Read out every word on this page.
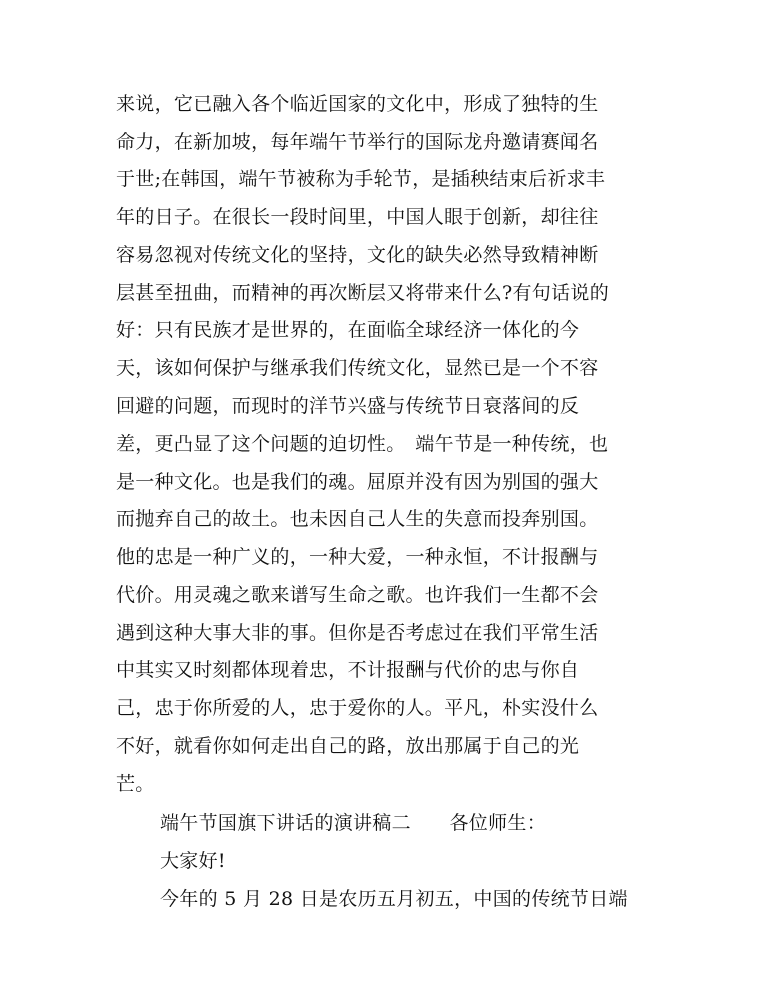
来说，它已融入各个临近国家的文化中，形成了独特的生

命力，在新加坡，每年端午节举行的国际龙舟邀请赛闻名

于世;在韩国，端午节被称为手轮节，是插秧结束后祈求丰

年的日子。在很长一段时间里，中国人眼于创新，却往往

容易忽视对传统文化的坚持，文化的缺失必然导致精神断

层甚至扭曲，而精神的再次断层又将带来什么?有句话说的

好：只有民族才是世界的，在面临全球经济一体化的今

天，该如何保护与继承我们传统文化，显然已是一个不容

回避的问题，而现时的洋节兴盛与传统节日衰落间的反

差，更凸显了这个问题的迫切性。　端午节是一种传统，也

是一种文化。也是我们的魂。屈原并没有因为别国的强大

而抛弃自己的故土。也未因自己人生的失意而投奔别国。

他的忠是一种广义的，一种大爱，一种永恒，不计报酬与

代价。用灵魂之歌来谱写生命之歌。也许我们一生都不会

遇到这种大事大非的事。但你是否考虑过在我们平常生活

中其实又时刻都体现着忠，不计报酬与代价的忠与你自

己，忠于你所爱的人，忠于爱你的人。平凡，朴实没什么

不好，就看你如何走出自己的路，放出那属于自己的光

芒。

端午节国旗下讲话的演讲稿二　　各位师生：

大家好!

今年的 5 月 28 日是农历五月初五，中国的传统节日端
